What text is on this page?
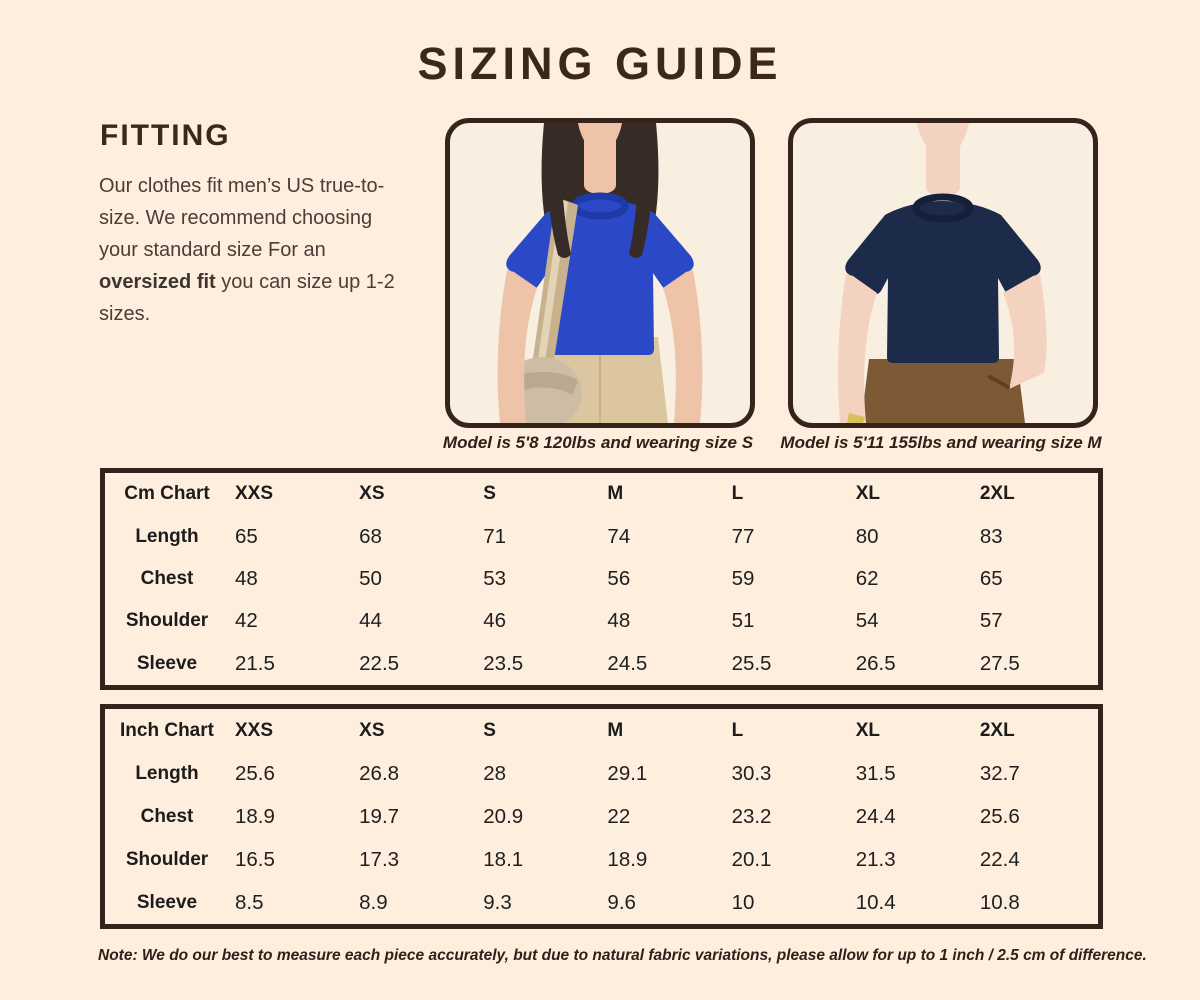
SIZING GUIDE
FITTING
Our clothes fit men’s US true-to-size. We recommend choosing your standard size For an oversized fit you can size up 1-2 sizes.
Model is 5'8 120lbs and wearing size S	Model is 5'11 155lbs and wearing size M
Cm Chart	XXS	XS	S	M	L	XL	2XL
Length	65	68	71	74	77	80	83
Chest	48	50	53	56	59	62	65
Shoulder	42	44	46	48	51	54	57
Sleeve	21.5	22.5	23.5	24.5	25.5	26.5	27.5
Inch Chart	XXS	XS	S	M	L	XL	2XL
Length	25.6	26.8	28	29.1	30.3	31.5	32.7
Chest	18.9	19.7	20.9	22	23.2	24.4	25.6
Shoulder	16.5	17.3	18.1	18.9	20.1	21.3	22.4
Sleeve	8.5	8.9	9.3	9.6	10	10.4	10.8
Note: We do our best to measure each piece accurately, but due to natural fabric variations, please allow for up to 1 inch / 2.5 cm of difference.
